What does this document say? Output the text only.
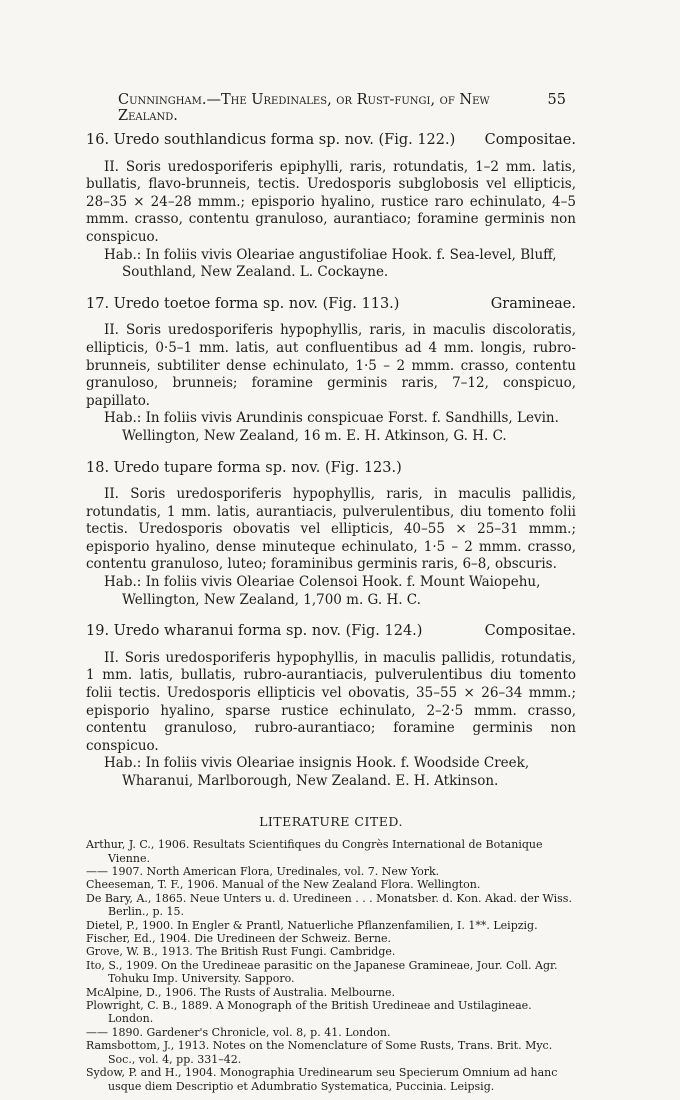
Cunningham.—The Uredinales, or Rust-fungi, of New Zealand.
55
16. Uredo southlandicus forma sp. nov. (Fig. 122.) Compositae.

II. Soris uredosporiferis epiphylli, raris, rotundatis, 1–2 mm. latis, bullatis, flavo-brunneis, tectis. Uredosporis subglobosis vel ellipticis, 28–35 × 24–28 mmm.; episporio hyalino, rustice raro echinulato, 4–5 mmm. crasso, contentu granuloso, aurantiaco; foramine germinis non conspicuo.

Hab.: In foliis vivis Oleariae angustifoliae Hook. f. Sea-level, Bluff, Southland, New Zealand. L. Cockayne.

17. Uredo toetoe forma sp. nov. (Fig. 113.)	Gramineae.

II. Soris uredosporiferis hypophyllis, raris, in maculis discoloratis, ellipticis, 0·5–1 mm. latis, aut confluentibus ad 4 mm. longis, rubro-brunneis, subtiliter dense echinulato, 1·5 – 2 mmm. crasso, contentu granuloso, brunneis; foramine germinis raris, 7–12, conspicuo, papillato.

Hab.: In foliis vivis Arundinis conspicuae Forst. f. Sandhills, Levin. Wellington, New Zealand, 16 m. E. H. Atkinson, G. H. C.

18. Uredo tupare forma sp. nov. (Fig. 123.)

II. Soris uredosporiferis hypophyllis, raris, in maculis pallidis, rotundatis, 1 mm. latis, aurantiacis, pulverulentibus, diu tomento folii tectis. Uredosporis obovatis vel ellipticis, 40–55 × 25–31 mmm.; episporio hyalino, dense minuteque echinulato, 1·5 – 2 mmm. crasso, contentu granuloso, luteo; foraminibus germinis raris, 6–8, obscuris.

Hab.: In foliis vivis Oleariae Colensoi Hook. f. Mount Waiopehu, Wellington, New Zealand, 1,700 m. G. H. C.

19. Uredo wharanui forma sp. nov. (Fig. 124.)	Compositae.

II. Soris uredosporiferis hypophyllis, in maculis pallidis, rotundatis, 1 mm. latis, bullatis, rubro-aurantiacis, pulverulentibus diu tomento folii tectis. Uredosporis ellipticis vel obovatis, 35–55 × 26–34 mmm.; episporio hyalino, sparse rustice echinulato, 2–2·5 mmm. crasso, contentu granuloso, rubro-aurantiaco; foramine germinis non conspicuo.

Hab.: In foliis vivis Oleariae insignis Hook. f. Woodside Creek, Wharanui, Marlborough, New Zealand. E. H. Atkinson.

LITERATURE CITED.

Arthur, J. C., 1906. Resultats Scientifiques du Congrès International de Botanique Vienne.

—— 1907. North American Flora, Uredinales, vol. 7. New York.

Cheeseman, T. F., 1906. Manual of the New Zealand Flora. Wellington.

De Bary, A., 1865. Neue Unters u. d. Uredineen . . . Monatsber. d. Kon. Akad. der Wiss. Berlin., p. 15.

Dietel, P., 1900. In Engler & Prantl, Natuerliche Pflanzenfamilien, I. 1**. Leipzig.

Fischer, Ed., 1904. Die Uredineen der Schweiz. Berne.

Grove, W. B., 1913. The British Rust Fungi. Cambridge.

Ito, S., 1909. On the Uredineae parasitic on the Japanese Gramineae, Jour. Coll. Agr. Tohuku Imp. University. Sapporo.

McAlpine, D., 1906. The Rusts of Australia. Melbourne.

Plowright, C. B., 1889. A Monograph of the British Uredineae and Ustilagineae. London.

—— 1890. Gardener's Chronicle, vol. 8, p. 41. London.

Ramsbottom, J., 1913. Notes on the Nomenclature of Some Rusts, Trans. Brit. Myc. Soc., vol. 4, pp. 331–42.

Sydow, P. and H., 1904. Monographia Uredinearum seu Specierum Omnium ad hanc usque diem Descriptio et Adumbratio Systematica, Puccinia. Leipsig.
